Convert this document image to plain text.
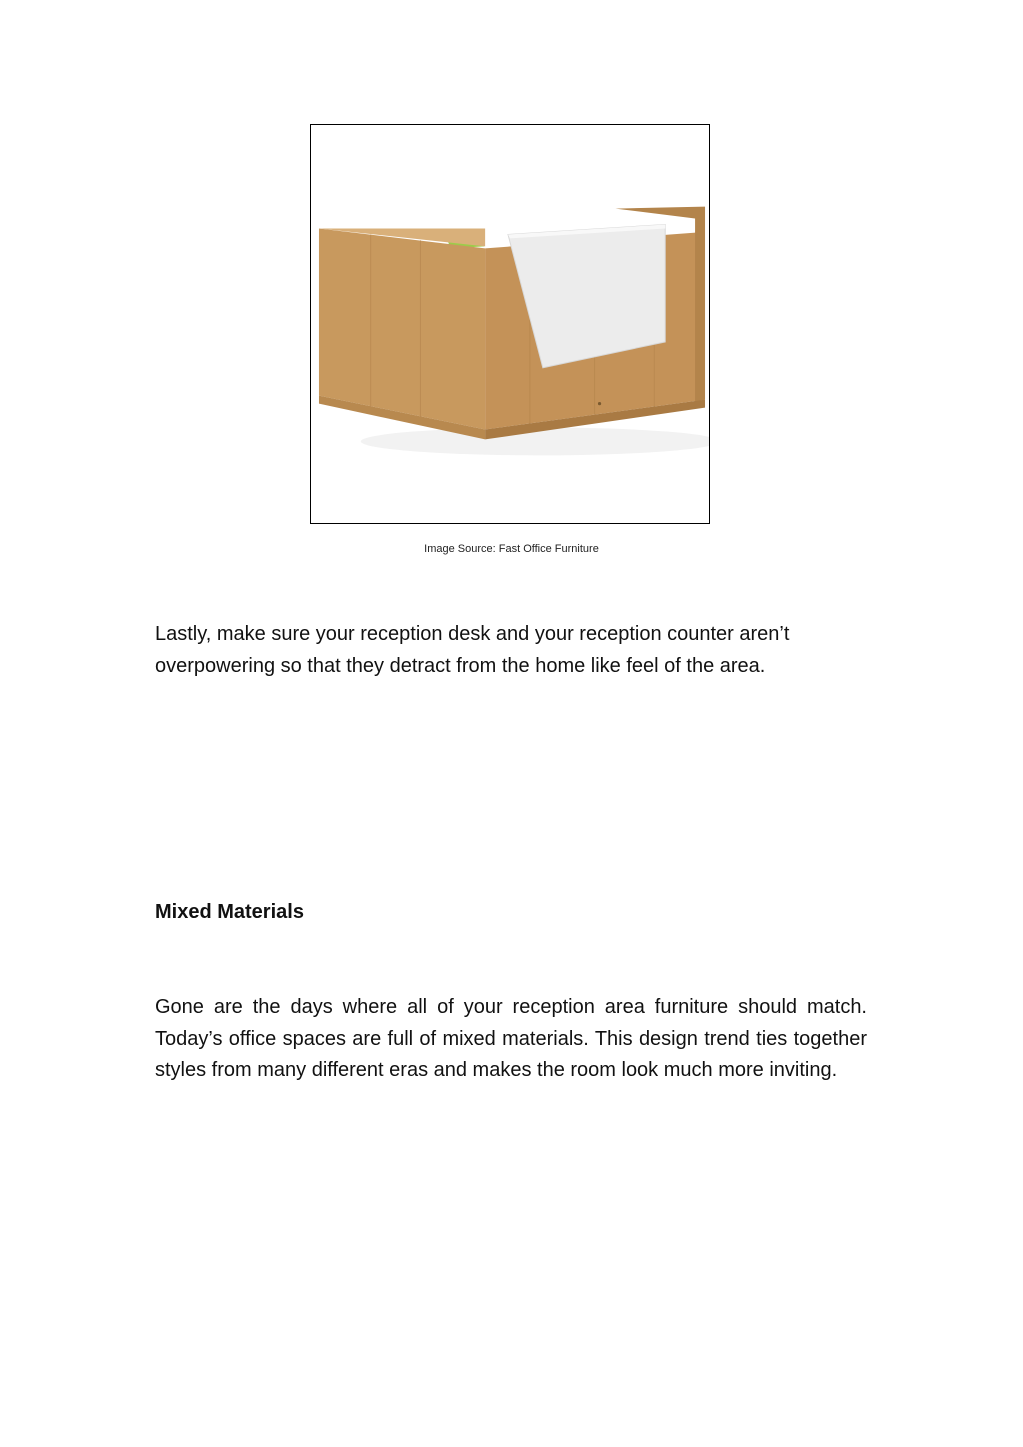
Image Source: Fast Office Furniture

Lastly, make sure your reception desk and your reception counter aren’t overpowering so that they detract from the home like feel of the area.

Mixed Materials

Gone are the days where all of your reception area furniture should match. Today’s office spaces are full of mixed materials. This design trend ties together styles from many different eras and makes the room look much more inviting.
